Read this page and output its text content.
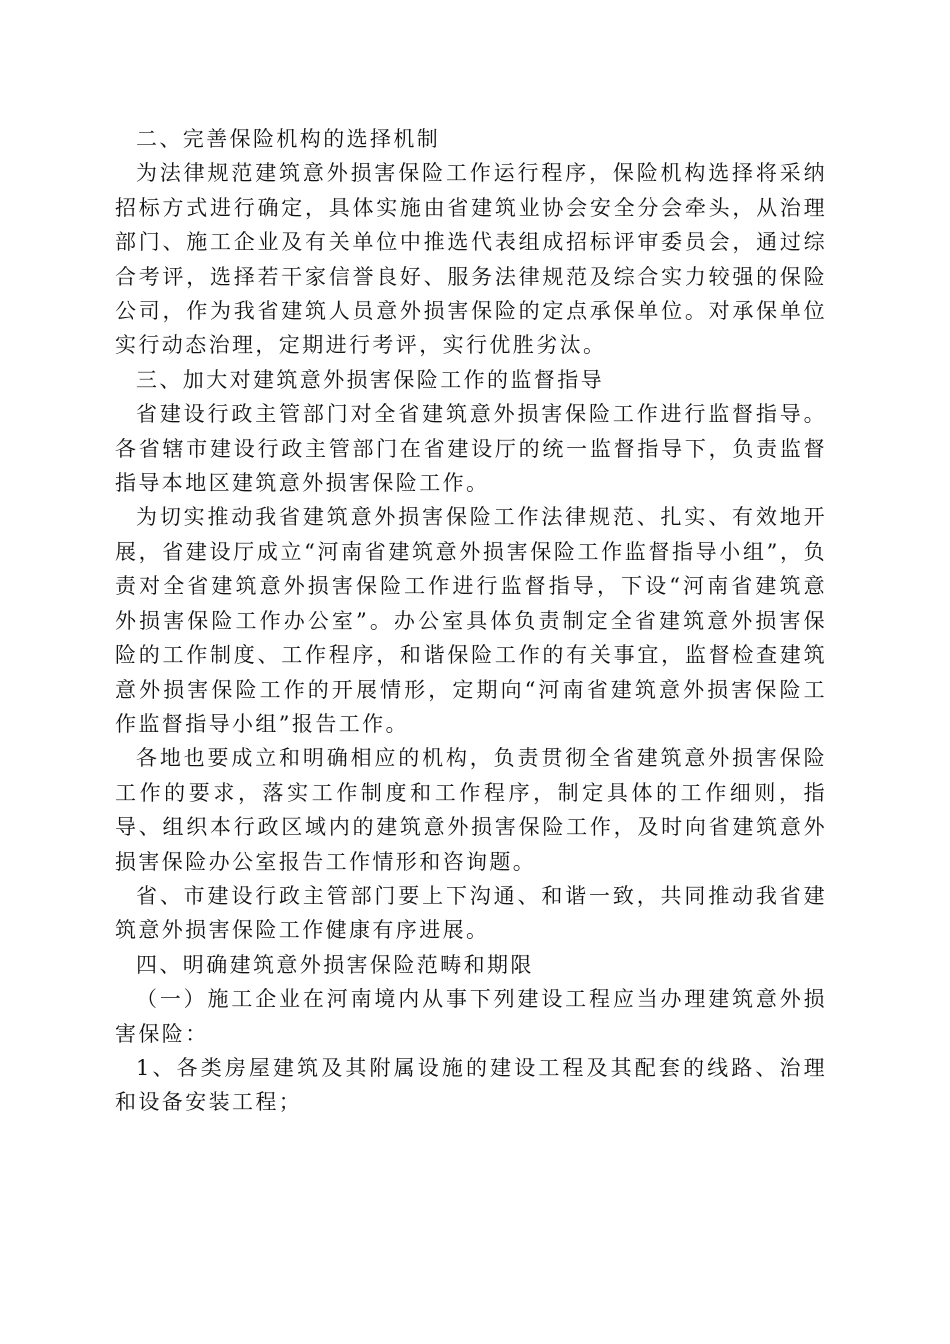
二、完善保险机构的选择机制

为法律规范建筑意外损害保险工作运行程序，保险机构选择将采纳招标方式进行确定，具体实施由省建筑业协会安全分会牵头，从治理部门、施工企业及有关单位中推选代表组成招标评审委员会，通过综合考评，选择若干家信誉良好、服务法律规范及综合实力较强的保险公司，作为我省建筑人员意外损害保险的定点承保单位。对承保单位实行动态治理，定期进行考评，实行优胜劣汰。

三、加大对建筑意外损害保险工作的监督指导

省建设行政主管部门对全省建筑意外损害保险工作进行监督指导。各省辖市建设行政主管部门在省建设厅的统一监督指导下，负责监督指导本地区建筑意外损害保险工作。

为切实推动我省建筑意外损害保险工作法律规范、扎实、有效地开展，省建设厅成立“河南省建筑意外损害保险工作监督指导小组”，负责对全省建筑意外损害保险工作进行监督指导，下设“河南省建筑意外损害保险工作办公室”。办公室具体负责制定全省建筑意外损害保险的工作制度、工作程序，和谐保险工作的有关事宜，监督检查建筑意外损害保险工作的开展情形，定期向“河南省建筑意外损害保险工作监督指导小组”报告工作。

各地也要成立和明确相应的机构，负责贯彻全省建筑意外损害保险工作的要求，落实工作制度和工作程序，制定具体的工作细则，指导、组织本行政区域内的建筑意外损害保险工作，及时向省建筑意外损害保险办公室报告工作情形和咨询题。

省、市建设行政主管部门要上下沟通、和谐一致，共同推动我省建筑意外损害保险工作健康有序进展。

四、明确建筑意外损害保险范畴和期限

（一）施工企业在河南境内从事下列建设工程应当办理建筑意外损害保险：

1、各类房屋建筑及其附属设施的建设工程及其配套的线路、治理和设备安装工程；
